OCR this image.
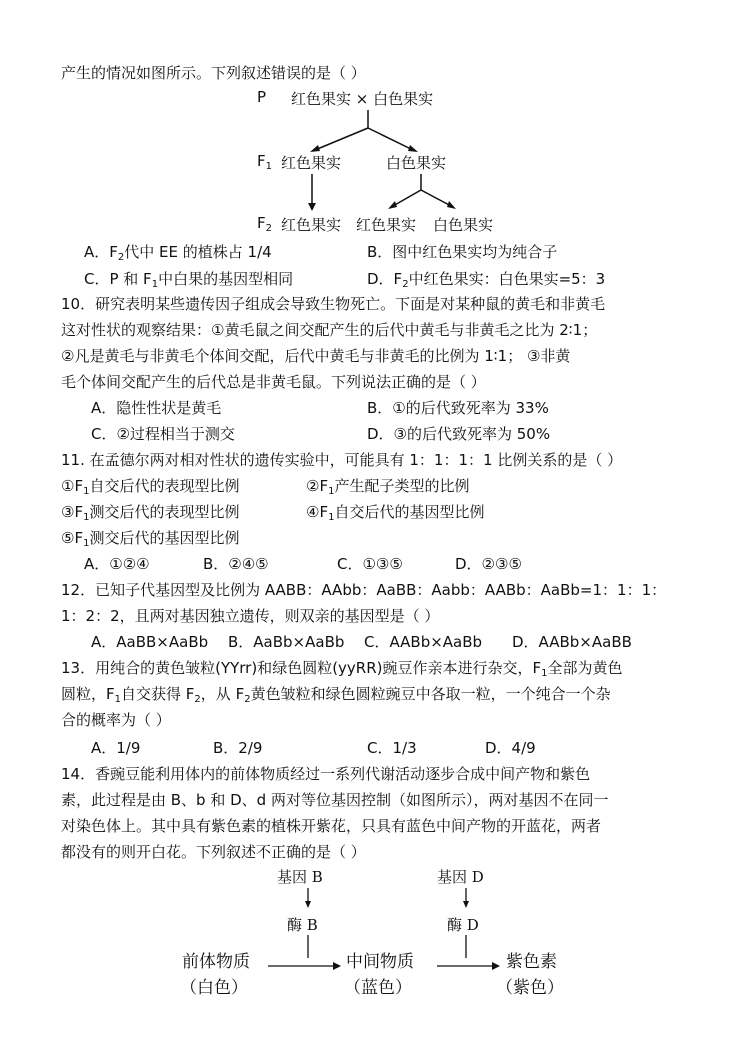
产生的情况如图所示。下列叙述错误的是（ ）
P 红色果实 × 白色果实
$F_1$ 红色果实	白色果实
$F_2$ 红色果实 红色果实 白色果实
A．$F_2$代中 EE 的植株占 1/4	B．图中红色果实均为纯合子
C．P 和 $F_1$中白果的基因型相同	D．$F_2$中红色果实：白色果实=5：3
10．研究表明某些遗传因子组成会导致生物死亡。下面是对某种鼠的黄毛和非黄毛
这对性状的观察结果：①黄毛鼠之间交配产生的后代中黄毛与非黄毛之比为 2∶1；
②凡是黄毛与非黄毛个体间交配，后代中黄毛与非黄毛的比例为 1∶1； ③非黄
毛个体间交配产生的后代总是非黄毛鼠。下列说法正确的是（ ）
A．隐性性状是黄毛	B．①的后代致死率为 33%
C．②过程相当于测交	D．③的后代致死率为 50%
11. 在孟德尔两对相对性状的遗传实验中，可能具有 1：1：1：1 比例关系的是（ ）
$①F_1$自交后代的表现型比例	$②F_1$产生配子类型的比例
$③F_1$测交后代的表现型比例	$④F_1$自交后代的基因型比例
$⑤F_1$测交后代的基因型比例
A．①②④	B．②④⑤	C．①③⑤	D．②③⑤
12．已知子代基因型及比例为 AABB：AAbb：AaBB：Aabb：AABb：AaBb=1：1：1：
1：2：2，且两对基因独立遗传，则双亲的基因型是（ ）
A．AaBB×AaBb B．AaBb×AaBb C．AABb×AaBb D．AABb×AaBB
13．用纯合的黄色皱粒(YYrr)和绿色圆粒(yyRR)豌豆作亲本进行杂交，$F_1$全部为黄色
圆粒，$F_1$自交获得 $F_2$，从 $F_2$黄色皱粒和绿色圆粒豌豆中各取一粒，一个纯合一个杂
合的概率为（ ）
A．1/9	B．2/9	C．1/3	D．4/9
14．香豌豆能利用体内的前体物质经过一系列代谢活动逐步合成中间产物和紫色
素，此过程是由 B、b 和 D、d 两对等位基因控制（如图所示），两对基因不在同一
对染色体上。其中具有紫色素的植株开紫花，只具有蓝色中间产物的开蓝花，两者
都没有的则开白花。下列叙述不正确的是（ ）
基因 B
酶 B
基因 D
酶 D
前体物质
（白色）
中间物质
（蓝色）
紫色素
（紫色）
